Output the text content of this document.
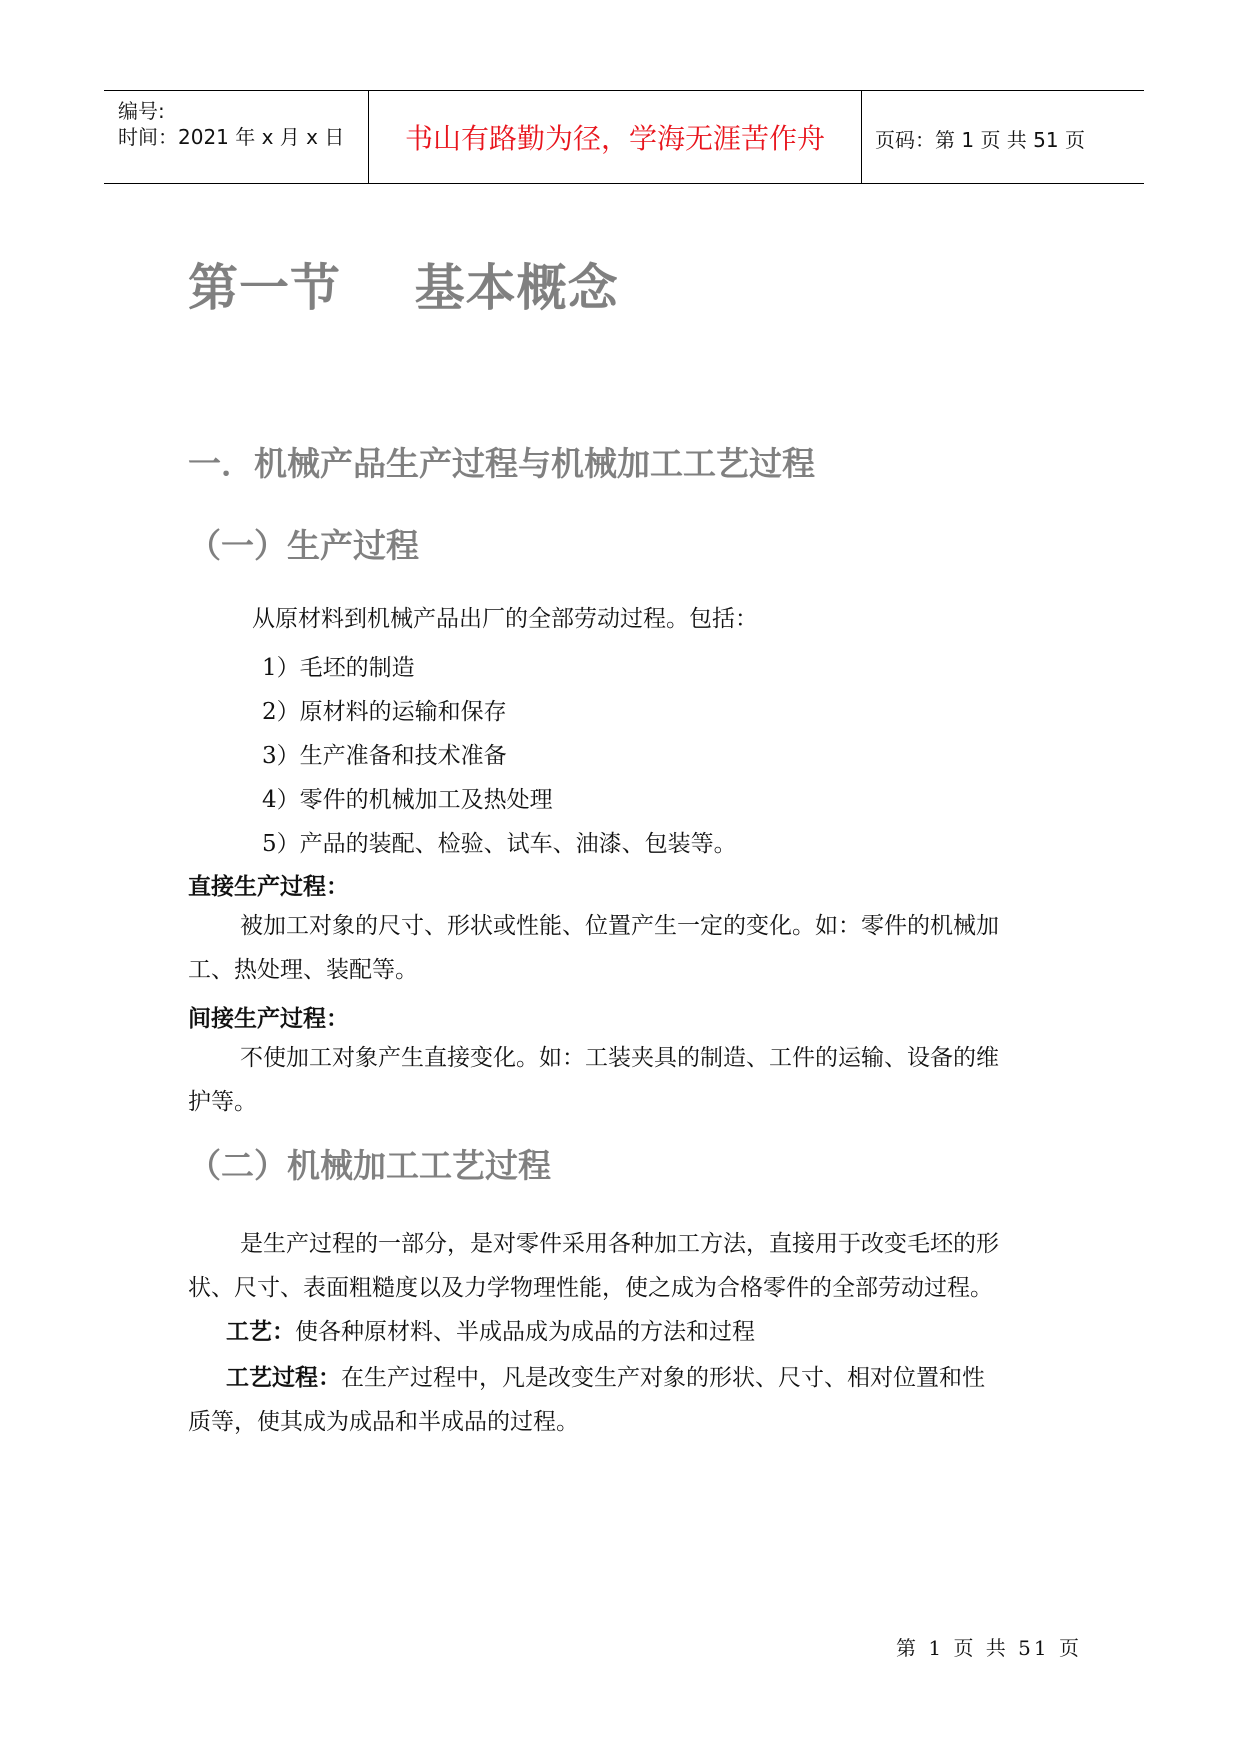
编号:
时间：2021 年 x 月 x 日	书山有路勤为径，学海无涯苦作舟	页码：第 1 页 共 51 页
第一节    基本概念
一．机械产品生产过程与机械加工工艺过程
（一）生产过程
从原材料到机械产品出厂的全部劳动过程。包括：
1）毛坯的制造
2）原材料的运输和保存
3）生产准备和技术准备
4）零件的机械加工及热处理
5）产品的装配、检验、试车、油漆、包装等。
直接生产过程：
被加工对象的尺寸、形状或性能、位置产生一定的变化。如：零件的机械加
工、热处理、装配等。
间接生产过程：
不使加工对象产生直接变化。如：工装夹具的制造、工件的运输、设备的维
护等。
（二）机械加工工艺过程
是生产过程的一部分，是对零件采用各种加工方法，直接用于改变毛坯的形
状、尺寸、表面粗糙度以及力学物理性能，使之成为合格零件的全部劳动过程。
工艺：使各种原材料、半成品成为成品的方法和过程
工艺过程：在生产过程中，凡是改变生产对象的形状、尺寸、相对位置和性
质等，使其成为成品和半成品的过程。
第 1 页 共 51 页
